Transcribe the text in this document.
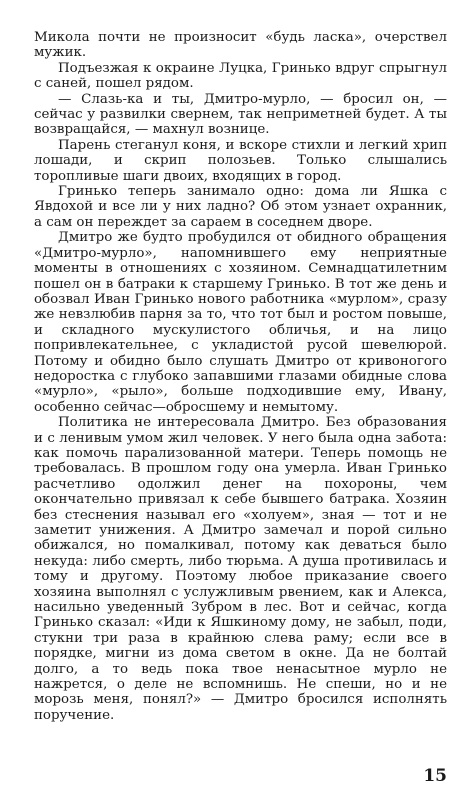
Микола почти не произносит «будь ласка», очерствел мужик.

Подъезжая к окраине Луцка, Гринько вдруг спрыгнул с саней, пошел рядом.

— Слазь-ка и ты, Дмитро-мурло, — бросил он, — сейчас у развилки свернем, так неприметней будет. А ты возвращайся, — махнул вознице.

Парень стеганул коня, и вскоре стихли и легкий хрип лошади, и скрип полозьев. Только слышались торопливые шаги двоих, входящих в город.

Гринько теперь занимало одно: дома ли Яшка с Явдохой и все ли у них ладно? Об этом узнает охранник, а сам он переждет за сараем в соседнем дворе.

Дмитро же будто пробудился от обидного обращения «Дмитро-мурло», напомнившего ему неприятные моменты в отношениях с хозяином. Семнадцатилетним пошел он в батраки к старшему Гринько. В тот же день и обозвал Иван Гринько нового работника «мурлом», сразу же невзлюбив парня за то, что тот был и ростом повыше, и складного мускулистого обличья, и на лицо попривлекательнее, с укладистой русой шевелюрой. Потому и обидно было слушать Дмитро от кривоногого недоростка с глубоко запавшими глазами обидные слова «мурло», «рыло», больше подходившие ему, Ивану, особенно сейчас—обросшему и немытому.

Политика не интересовала Дмитро. Без образования и с ленивым умом жил человек. У него была одна забота: как помочь парализованной матери. Теперь помощь не требовалась. В прошлом году она умерла. Иван Гринько расчетливо одолжил денег на похороны, чем окончательно привязал к себе бывшего батрака. Хозяин без стеснения называл его «холуем», зная — тот и не заметит унижения. А Дмитро замечал и порой сильно обижался, но помалкивал, потому как деваться было некуда: либо смерть, либо тюрьма. А душа противилась и тому и другому. Поэтому любое приказание своего хозяина выполнял с услужливым рвением, как и Алекса, насильно уведенный Зубром в лес. Вот и сейчас, когда Гринько сказал: «Иди к Яшкиному дому, не забыл, поди, стукни три раза в крайнюю слева раму; если все в порядке, мигни из дома светом в окне. Да не болтай долго, а то ведь пока твое ненасытное мурло не нажрется, о деле не вспомнишь. Не спеши, но и не морозь меня, понял?» — Дмитро бросился исполнять поручение.

15
